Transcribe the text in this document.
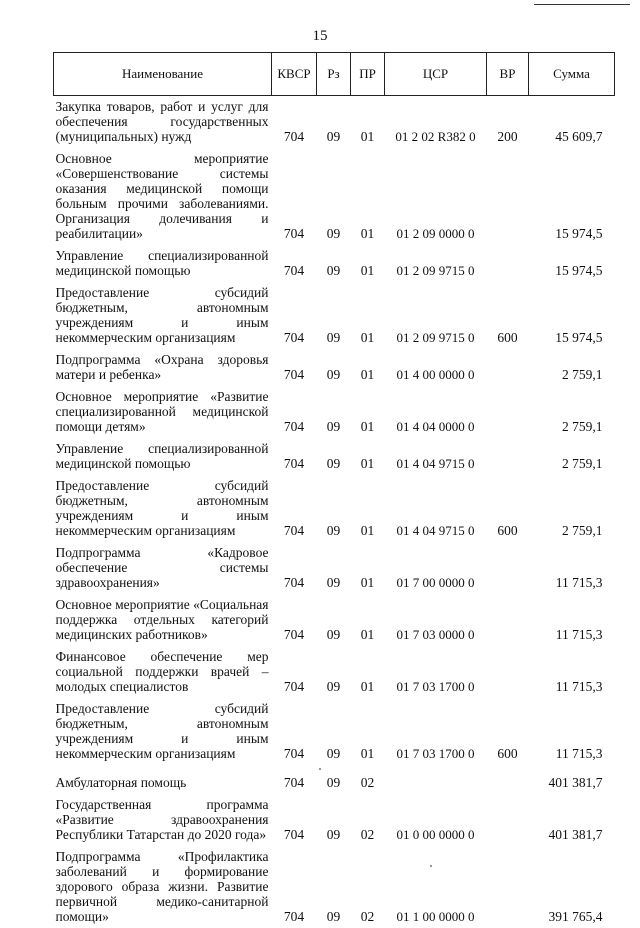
15
Наименование	КВСР	Рз	ПР	ЦСР	ВР	Сумма
Закупка товаров, работ и услуг для обеспечения государственных (муниципальных) нужд	704	09	01	01 2 02 R382 0	200	45 609,7
Основное мероприятие «Совершенствование системы оказания медицинской помощи больным прочими заболеваниями. Организация долечивания и реабилитации»	704	09	01	01 2 09 0000 0		15 974,5
Управление специализированной медицинской помощью	704	09	01	01 2 09 9715 0		15 974,5
Предоставление субсидий бюджетным, автономным учреждениям и иным некоммерческим организациям	704	09	01	01 2 09 9715 0	600	15 974,5
Подпрограмма «Охрана здоровья матери и ребенка»	704	09	01	01 4 00 0000 0		2 759,1
Основное мероприятие «Развитие специализированной медицинской помощи детям»	704	09	01	01 4 04 0000 0		2 759,1
Управление специализированной медицинской помощью	704	09	01	01 4 04 9715 0		2 759,1
Предоставление субсидий бюджетным, автономным учреждениям и иным некоммерческим организациям	704	09	01	01 4 04 9715 0	600	2 759,1
Подпрограмма «Кадровое обеспечение системы здравоохранения»	704	09	01	01 7 00 0000 0		11 715,3
Основное мероприятие «Социальная поддержка отдельных категорий медицинских работников»	704	09	01	01 7 03 0000 0		11 715,3
Финансовое обеспечение мер социальной поддержки врачей – молодых специалистов	704	09	01	01 7 03 1700 0		11 715,3
Предоставление субсидий бюджетным, автономным учреждениям и иным некоммерческим организациям	704	09	01	01 7 03 1700 0	600	11 715,3
Амбулаторная помощь	704	09	02			401 381,7
Государственная программа «Развитие здравоохранения Республики Татарстан до 2020 года»	704	09	02	01 0 00 0000 0		401 381,7
Подпрограмма «Профилактика заболеваний и формирование здорового образа жизни. Развитие первичной медико-санитарной помощи»	704	09	02	01 1 00 0000 0		391 765,4
